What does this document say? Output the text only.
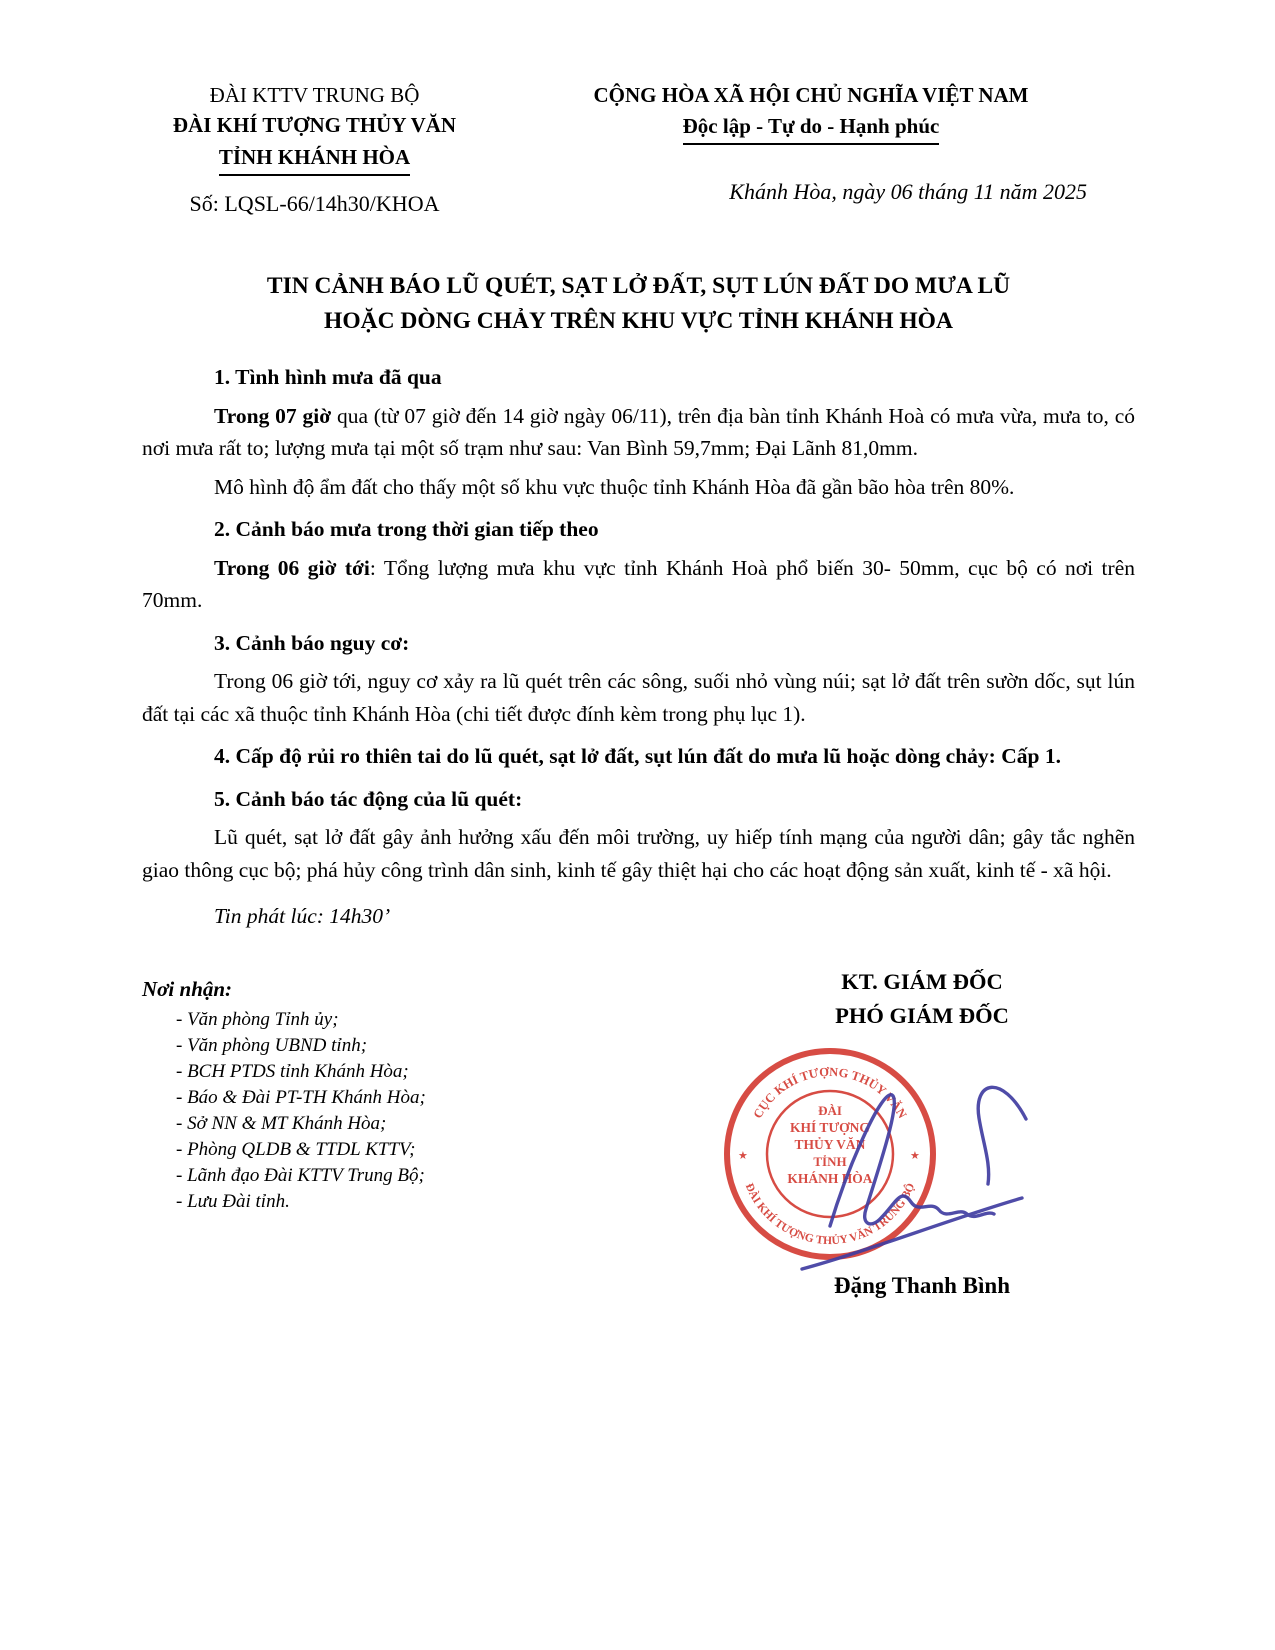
ĐÀI KTTV TRUNG BỘ
ĐÀI KHÍ TƯỢNG THỦY VĂN
TỈNH KHÁNH HÒA
Số: LQSL-66/14h30/KHOA
CỘNG HÒA XÃ HỘI CHỦ NGHĨA VIỆT NAM
Độc lập - Tự do - Hạnh phúc
Khánh Hòa, ngày 06 tháng 11 năm 2025
TIN CẢNH BÁO LŨ QUÉT, SẠT LỞ ĐẤT, SỤT LÚN ĐẤT DO MƯA LŨ
HOẶC DÒNG CHẢY TRÊN KHU VỰC TỈNH KHÁNH HÒA

1. Tình hình mưa đã qua

Trong 07 giờ qua (từ 07 giờ đến 14 giờ ngày 06/11), trên địa bàn tỉnh Khánh Hoà có mưa vừa, mưa to, có nơi mưa rất to; lượng mưa tại một số trạm như sau: Van Bình 59,7mm; Đại Lãnh 81,0mm.

Mô hình độ ẩm đất cho thấy một số khu vực thuộc tỉnh Khánh Hòa đã gần bão hòa trên 80%.

2. Cảnh báo mưa trong thời gian tiếp theo

Trong 06 giờ tới: Tổng lượng mưa khu vực tỉnh Khánh Hoà phổ biến 30- 50mm, cục bộ có nơi trên 70mm.

3. Cảnh báo nguy cơ:

Trong 06 giờ tới, nguy cơ xảy ra lũ quét trên các sông, suối nhỏ vùng núi; sạt lở đất trên sườn dốc, sụt lún đất tại các xã thuộc tỉnh Khánh Hòa (chi tiết được đính kèm trong phụ lục 1).

4. Cấp độ rủi ro thiên tai do lũ quét, sạt lở đất, sụt lún đất do mưa lũ hoặc dòng chảy: Cấp 1.

5. Cảnh báo tác động của lũ quét:

Lũ quét, sạt lở đất gây ảnh hưởng xấu đến môi trường, uy hiếp tính mạng của người dân; gây tắc nghẽn giao thông cục bộ; phá hủy công trình dân sinh, kinh tế gây thiệt hại cho các hoạt động sản xuất, kinh tế - xã hội.

Tin phát lúc: 14h30’

Nơi nhận:
- Văn phòng Tỉnh ủy;
- Văn phòng UBND tỉnh;
- BCH PTDS tỉnh Khánh Hòa;
- Báo & Đài PT-TH Khánh Hòa;
- Sở NN & MT Khánh Hòa;
- Phòng QLDB & TTDL KTTV;
- Lãnh đạo Đài KTTV Trung Bộ;
- Lưu Đài tỉnh.
KT. GIÁM ĐỐC
PHÓ GIÁM ĐỐC
CỤC KHÍ TƯỢNG THỦY VĂN
ĐÀI KHÍ TƯỢNG THỦY VĂN TRUNG BỘ
★	★
ĐÀI
KHÍ TƯỢNG
THỦY VĂN
TỈNH
KHÁNH HÒA
Đặng Thanh Bình
